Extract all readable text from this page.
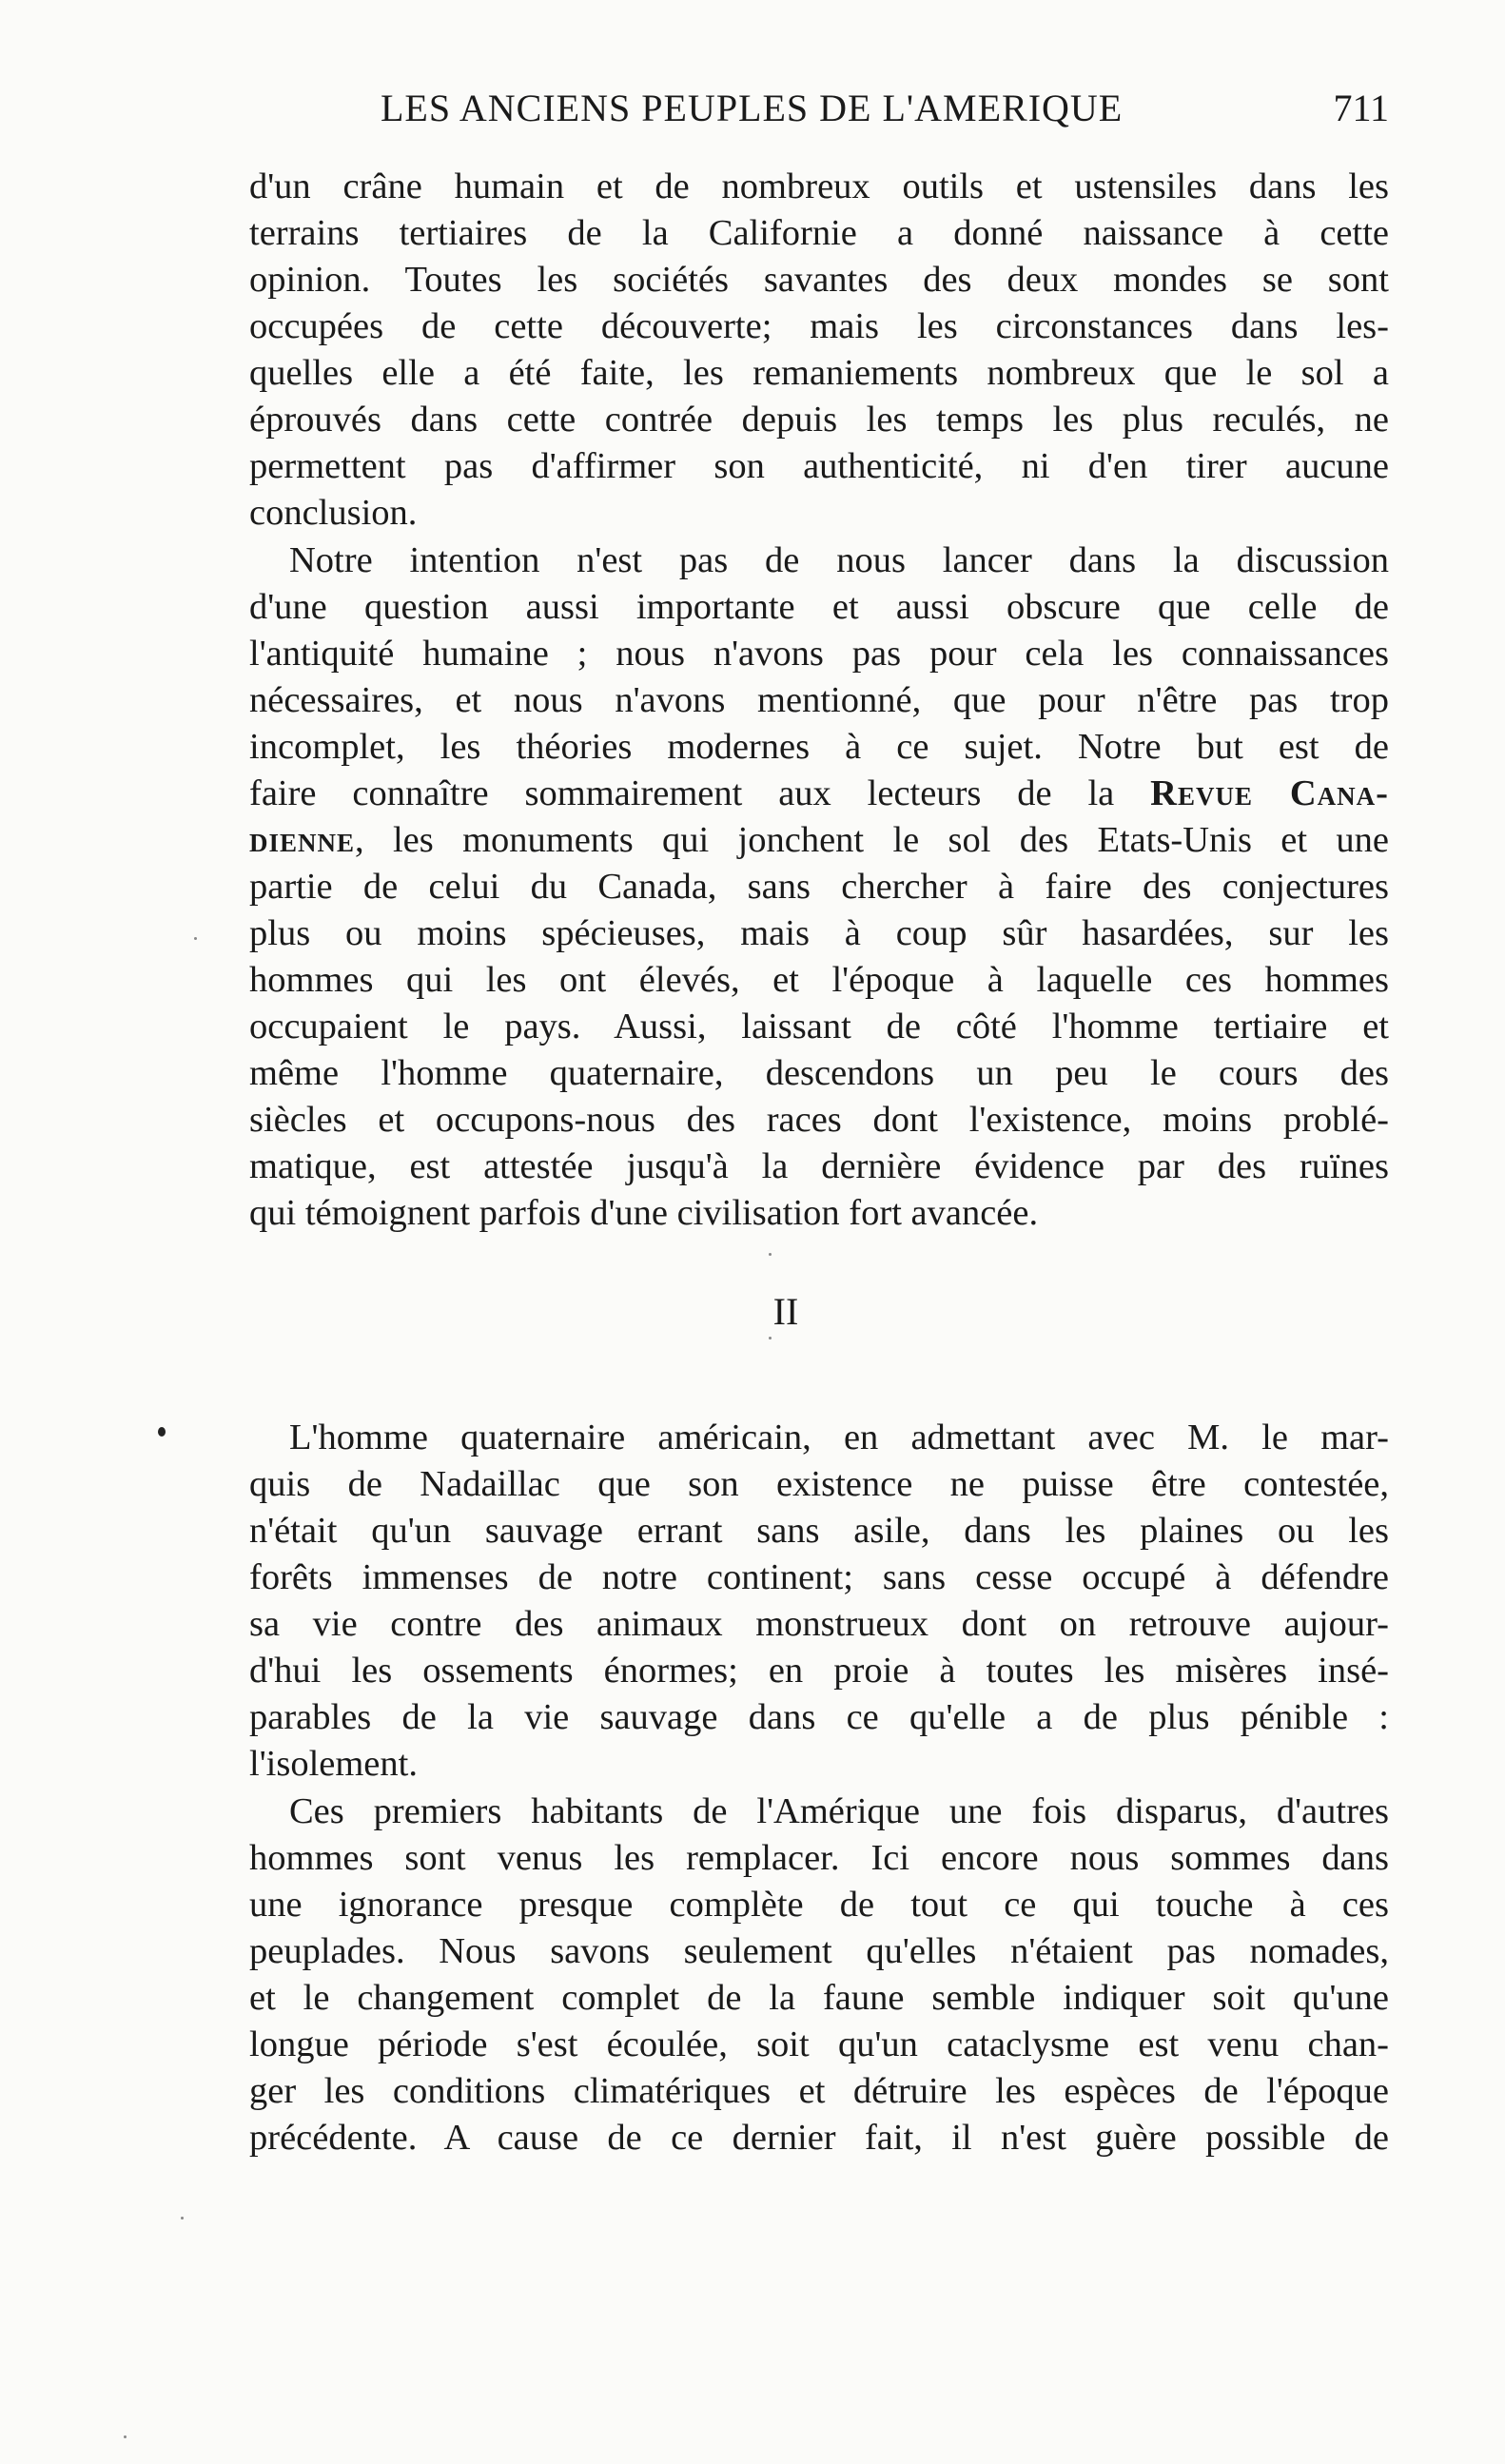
LES ANCIENS PEUPLES DE L'AMERIQUE	711
d'un crâne humain et de nombreux outils et ustensiles dans les
terrains tertiaires de la Californie a donné naissance à cette
opinion. Toutes les sociétés savantes des deux mondes se sont
occupées de cette découverte; mais les circonstances dans les-
quelles elle a été faite, les remaniements nombreux que le sol a
éprouvés dans cette contrée depuis les temps les plus reculés, ne
permettent pas d'affirmer son authenticité, ni d'en tirer aucune
conclusion.
Notre intention n'est pas de nous lancer dans la discussion
d'une question aussi importante et aussi obscure que celle de
l'antiquité humaine ; nous n'avons pas pour cela les connaissances
nécessaires, et nous n'avons mentionné, que pour n'être pas trop
incomplet, les théories modernes à ce sujet. Notre but est de
faire connaître sommairement aux lecteurs de la Revue Cana-
dienne, les monuments qui jonchent le sol des Etats-Unis et une
partie de celui du Canada, sans chercher à faire des conjectures
plus ou moins spécieuses, mais à coup sûr hasardées, sur les
hommes qui les ont élevés, et l'époque à laquelle ces hommes
occupaient le pays. Aussi, laissant de côté l'homme tertiaire et
même l'homme quaternaire, descendons un peu le cours des
siècles et occupons-nous des races dont l'existence, moins problé-
matique, est attestée jusqu'à la dernière évidence par des ruïnes
qui témoignent parfois d'une civilisation fort avancée.
II
L'homme quaternaire américain, en admettant avec M. le mar-
quis de Nadaillac que son existence ne puisse être contestée,
n'était qu'un sauvage errant sans asile, dans les plaines ou les
forêts immenses de notre continent; sans cesse occupé à défendre
sa vie contre des animaux monstrueux dont on retrouve aujour-
d'hui les ossements énormes; en proie à toutes les misères insé-
parables de la vie sauvage dans ce qu'elle a de plus pénible :
l'isolement.
Ces premiers habitants de l'Amérique une fois disparus, d'autres
hommes sont venus les remplacer. Ici encore nous sommes dans
une ignorance presque complète de tout ce qui touche à ces
peuplades. Nous savons seulement qu'elles n'étaient pas nomades,
et le changement complet de la faune semble indiquer soit qu'une
longue période s'est écoulée, soit qu'un cataclysme est venu chan-
ger les conditions climatériques et détruire les espèces de l'époque
précédente. A cause de ce dernier fait, il n'est guère possible de
